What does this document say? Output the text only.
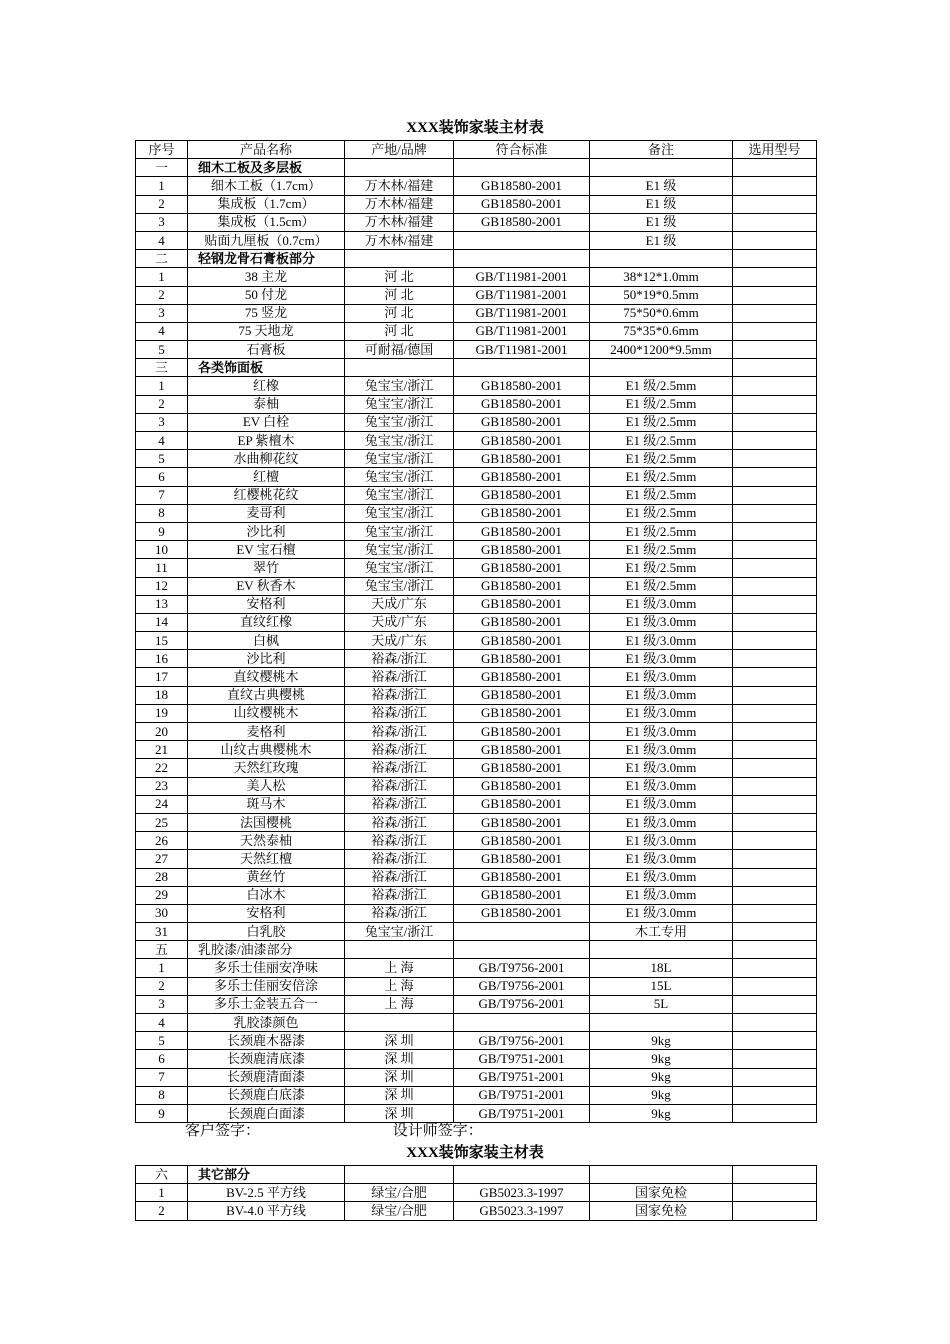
XXX装饰家装主材表
序号	产品名称	产地/品牌	符合标准	备注	选用型号
一	细木工板及多层板				
1	细木工板（1.7cm）	万木林/福建	GB18580-2001	E1 级	
2	集成板（1.7cm）	万木林/福建	GB18580-2001	E1 级	
3	集成板（1.5cm）	万木林/福建	GB18580-2001	E1 级	
4	贴面九厘板（0.7cm）	万木林/福建		E1 级	
二	轻钢龙骨石膏板部分				
1	38 主龙	河 北	GB/T11981-2001	38*12*1.0mm	
2	50 付龙	河 北	GB/T11981-2001	50*19*0.5mm	
3	75 竖龙	河 北	GB/T11981-2001	75*50*0.6mm	
4	75 天地龙	河 北	GB/T11981-2001	75*35*0.6mm	
5	石膏板	可耐福/德国	GB/T11981-2001	2400*1200*9.5mm	
三	各类饰面板				
1	红橡	兔宝宝/浙江	GB18580-2001	E1 级/2.5mm	
2	泰柚	兔宝宝/浙江	GB18580-2001	E1 级/2.5mm	
3	EV 白栓	兔宝宝/浙江	GB18580-2001	E1 级/2.5mm	
4	EP 紫檀木	兔宝宝/浙江	GB18580-2001	E1 级/2.5mm	
5	水曲柳花纹	兔宝宝/浙江	GB18580-2001	E1 级/2.5mm	
6	红檀	兔宝宝/浙江	GB18580-2001	E1 级/2.5mm	
7	红樱桃花纹	兔宝宝/浙江	GB18580-2001	E1 级/2.5mm	
8	麦哥利	兔宝宝/浙江	GB18580-2001	E1 级/2.5mm	
9	沙比利	兔宝宝/浙江	GB18580-2001	E1 级/2.5mm	
10	EV 宝石檀	兔宝宝/浙江	GB18580-2001	E1 级/2.5mm	
11	翠竹	兔宝宝/浙江	GB18580-2001	E1 级/2.5mm	
12	EV 秋香木	兔宝宝/浙江	GB18580-2001	E1 级/2.5mm	
13	安格利	天成/广东	GB18580-2001	E1 级/3.0mm	
14	直纹红橡	天成/广东	GB18580-2001	E1 级/3.0mm	
15	白枫	天成/广东	GB18580-2001	E1 级/3.0mm	
16	沙比利	裕森/浙江	GB18580-2001	E1 级/3.0mm	
17	直纹樱桃木	裕森/浙江	GB18580-2001	E1 级/3.0mm	
18	直纹古典樱桃	裕森/浙江	GB18580-2001	E1 级/3.0mm	
19	山纹樱桃木	裕森/浙江	GB18580-2001	E1 级/3.0mm	
20	麦格利	裕森/浙江	GB18580-2001	E1 级/3.0mm	
21	山纹古典樱桃木	裕森/浙江	GB18580-2001	E1 级/3.0mm	
22	天然红玫瑰	裕森/浙江	GB18580-2001	E1 级/3.0mm	
23	美人松	裕森/浙江	GB18580-2001	E1 级/3.0mm	
24	斑马木	裕森/浙江	GB18580-2001	E1 级/3.0mm	
25	法国樱桃	裕森/浙江	GB18580-2001	E1 级/3.0mm	
26	天然泰柚	裕森/浙江	GB18580-2001	E1 级/3.0mm	
27	天然红檀	裕森/浙江	GB18580-2001	E1 级/3.0mm	
28	黄丝竹	裕森/浙江	GB18580-2001	E1 级/3.0mm	
29	白冰木	裕森/浙江	GB18580-2001	E1 级/3.0mm	
30	安格利	裕森/浙江	GB18580-2001	E1 级/3.0mm	
31	白乳胶	兔宝宝/浙江		木工专用	
五	乳胶漆/油漆部分				
1	多乐士佳丽安净味	上 海	GB/T9756-2001	18L	
2	多乐士佳丽安倍涂	上 海	GB/T9756-2001	15L	
3	多乐士金装五合一	上 海	GB/T9756-2001	5L	
4	乳胶漆颜色				
5	长颈鹿木器漆	深 圳	GB/T9756-2001	9kg	
6	长颈鹿清底漆	深 圳	GB/T9751-2001	9kg	
7	长颈鹿清面漆	深 圳	GB/T9751-2001	9kg	
8	长颈鹿白底漆	深 圳	GB/T9751-2001	9kg	
9	长颈鹿白面漆	深 圳	GB/T9751-2001	9kg	
客户签字：	设计师签字：
XXX装饰家装主材表
六	其它部分				
1	BV-2.5 平方线	绿宝/合肥	GB5023.3-1997	国家免检	
2	BV-4.0 平方线	绿宝/合肥	GB5023.3-1997	国家免检	
